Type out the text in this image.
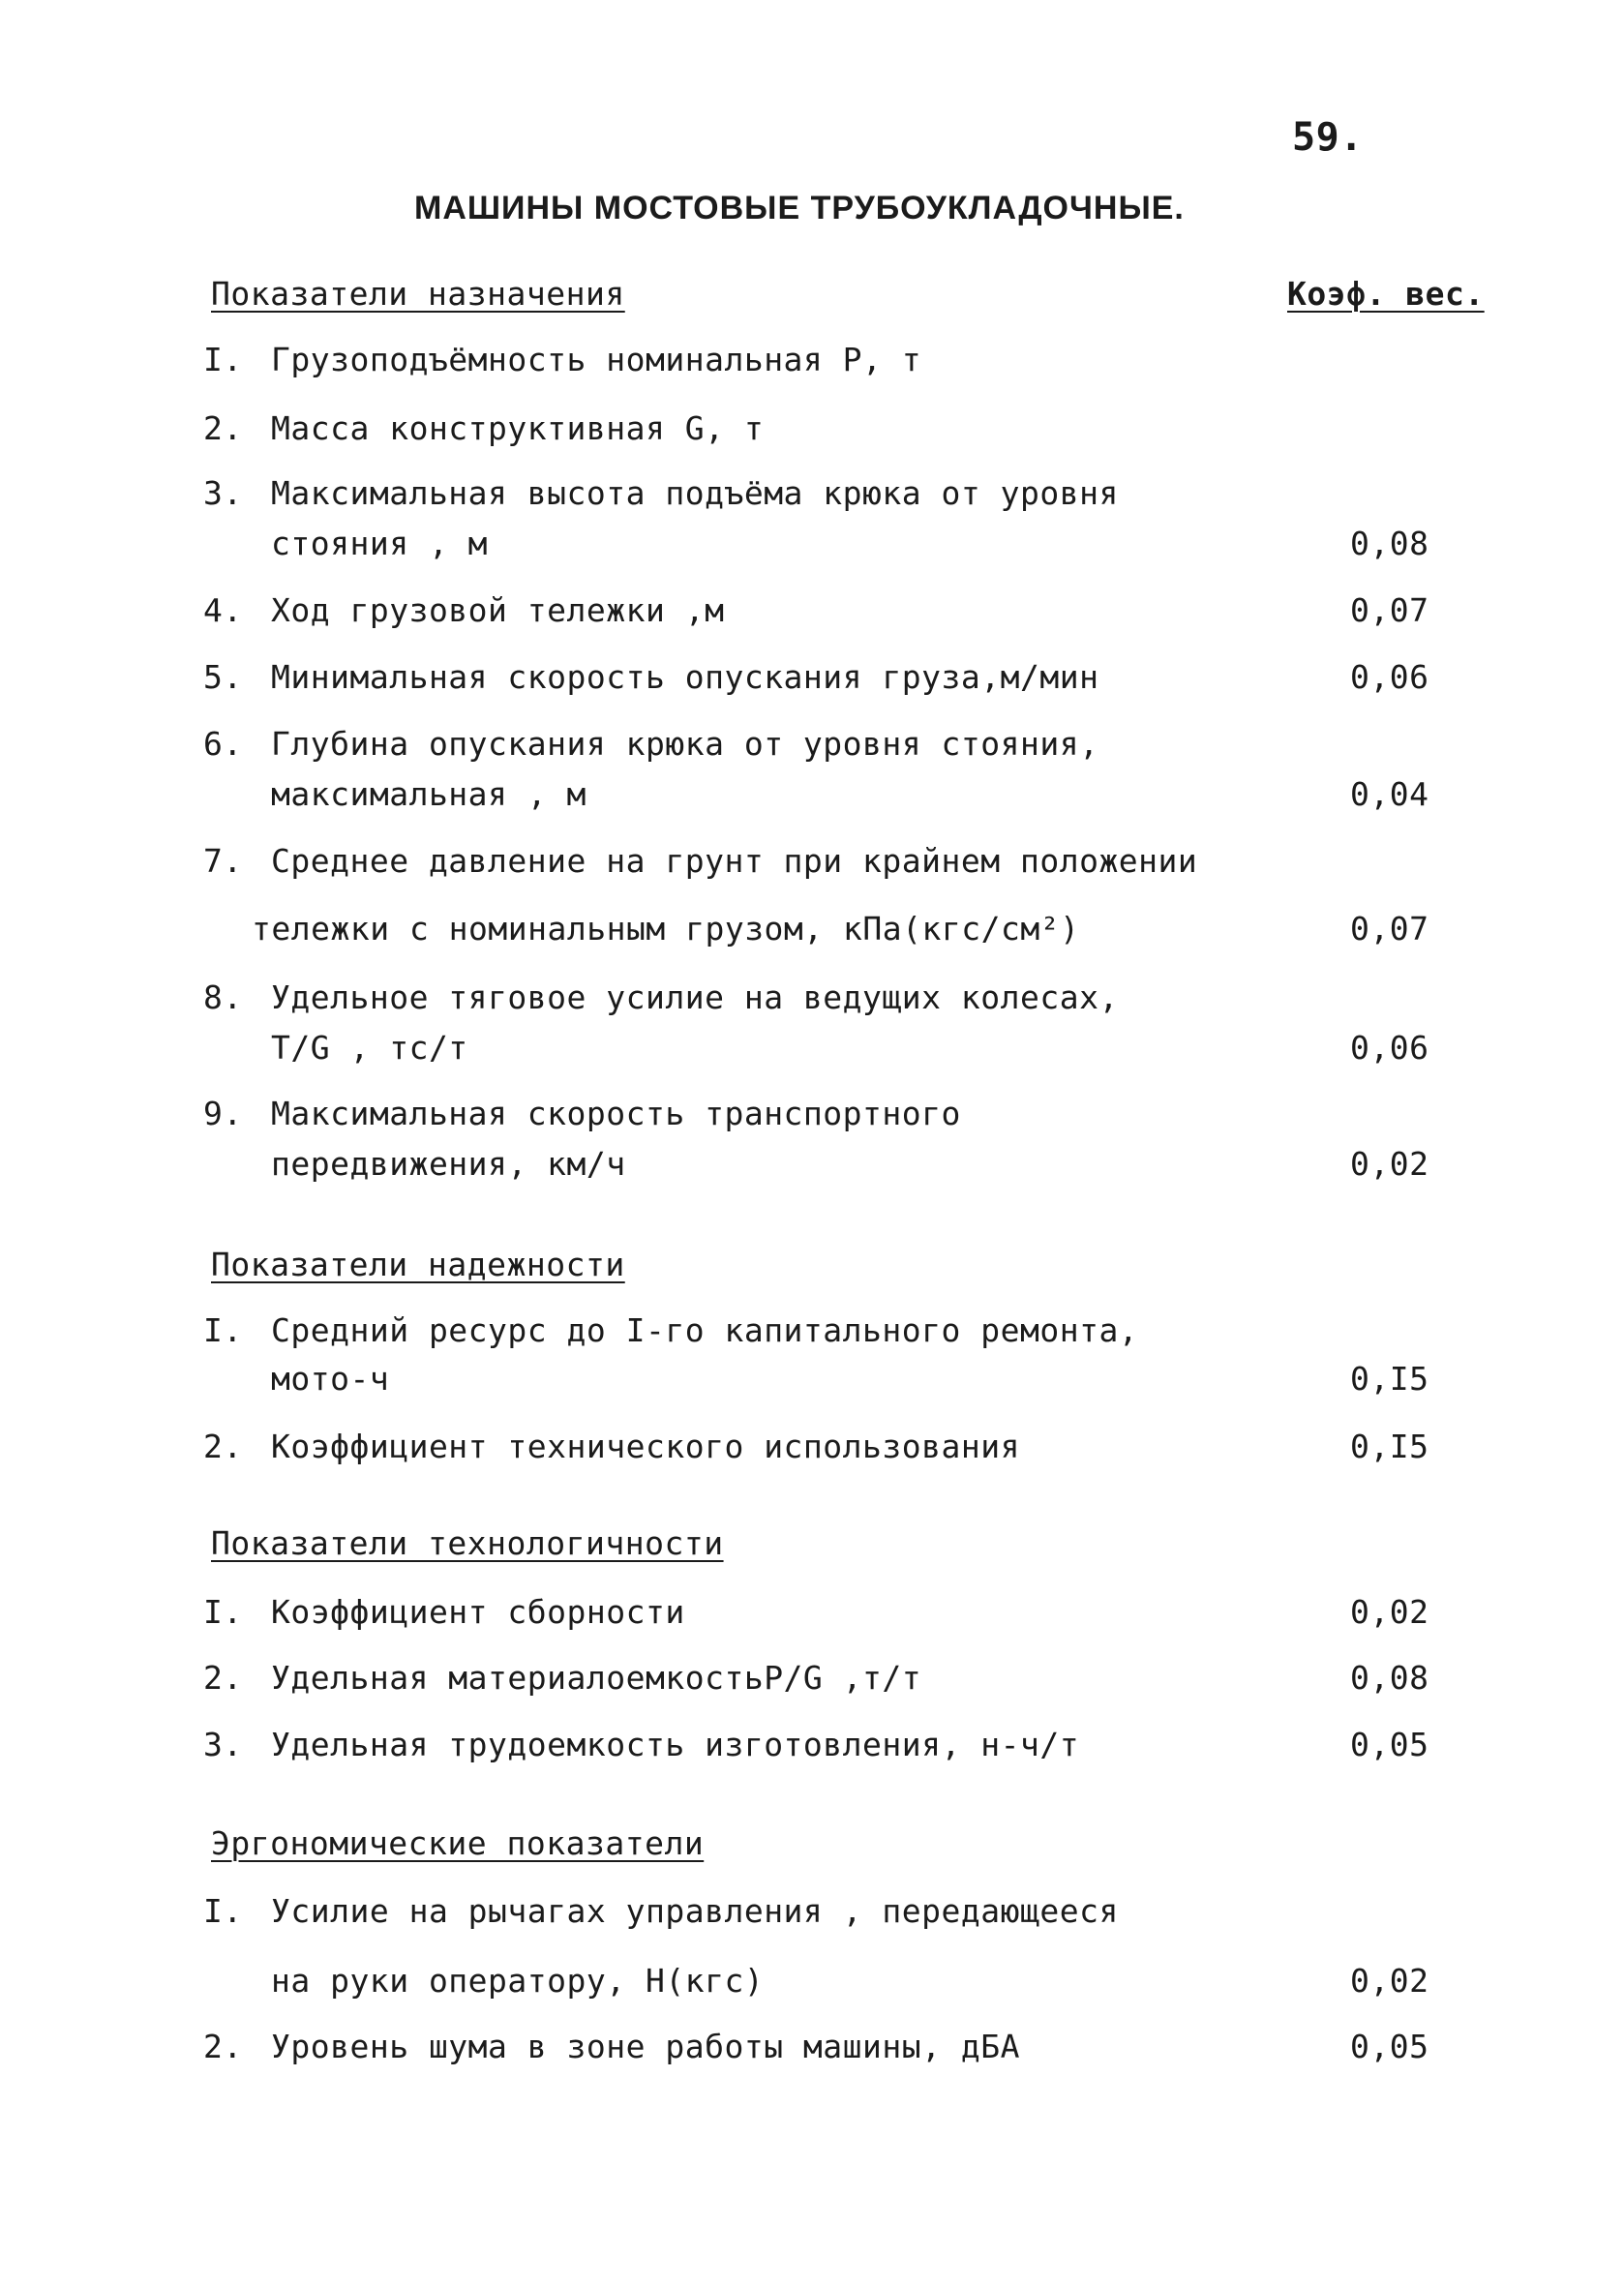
59.
МАШИНЫ МОСТОВЫЕ ТРУБОУКЛАДОЧНЫЕ.
Показатели назначения	Коэф. вес.
I. Грузоподъёмность номинальная Р, т
2. Масса конструктивная G, т
3. Максимальная высота подъёма крюка от уровня
стояния , м	0,08
4. Ход грузовой тележки ,м	0,07
5. Минимальная скорость опускания груза,м/мин	0,06
6. Глубина опускания крюка от уровня стояния,
максимальная , м	0,04
7. Среднее давление на грунт при крайнем положении
тележки с номинальным грузом, кПа(кгс/см²)	0,07
8. Удельное тяговое усилие на ведущих колесах,
Т/G , тс/т	0,06
9. Максимальная скорость транспортного
передвижения, км/ч	0,02
Показатели надежности
I. Средний ресурс до I-го капитального ремонта,
мото-ч	0,I5
2. Коэффициент технического использования	0,I5
Показатели технологичности
I. Коэффициент сборности	0,02
2. Удельная материалоемкостьР/G ,т/т	0,08
3. Удельная трудоемкость изготовления, н-ч/т	0,05
Эргономические показатели
I. Усилие на рычагах управления , передающееся
на руки оператору, Н(кгс)	0,02
2. Уровень шума в зоне работы машины, дБА	0,05
